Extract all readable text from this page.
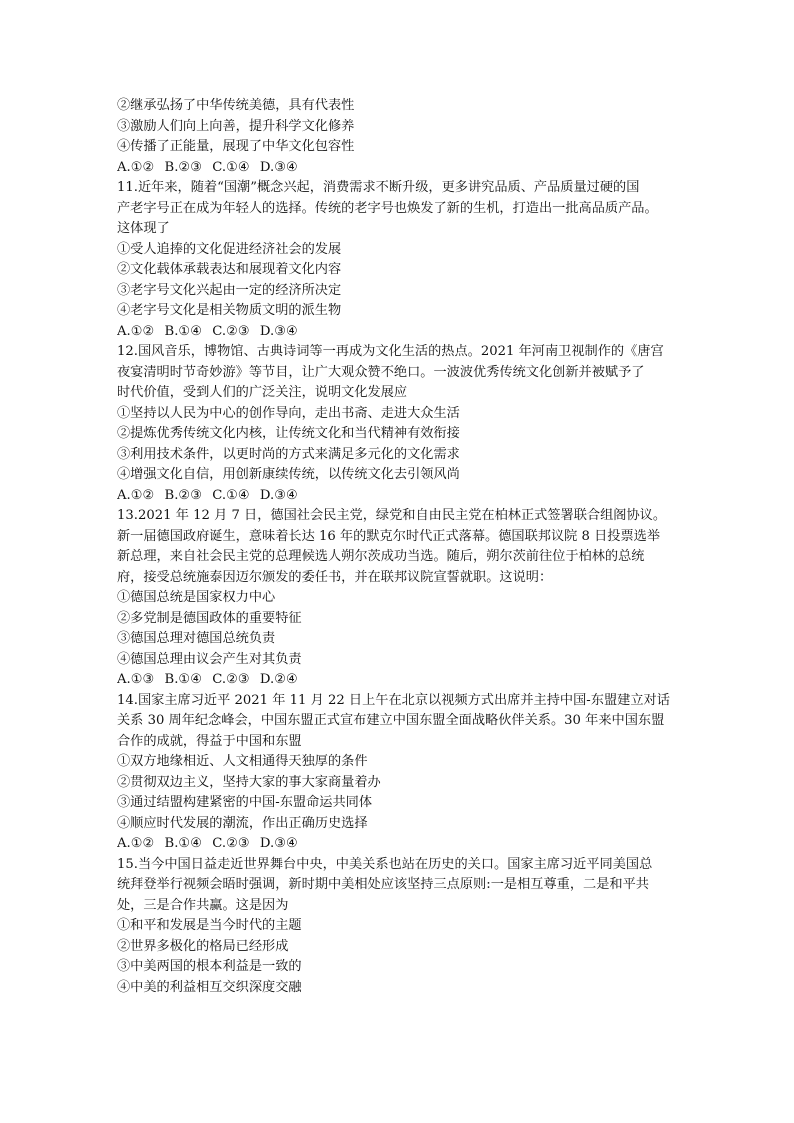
②继承弘扬了中华传统美德，具有代表性
③激励人们向上向善，提升科学文化修养
④传播了正能量，展现了中华文化包容性
A.①② B.②③ C.①④ D.③④
11.近年来，随着“国潮”概念兴起，消费需求不断升级，更多讲究品质、产品质量过硬的国
产老字号正在成为年轻人的选择。传统的老字号也焕发了新的生机，打造出一批高品质产品。
这体现了
①受人追捧的文化促进经济社会的发展
②文化载体承载表达和展现着文化内容
③老字号文化兴起由一定的经济所决定
④老字号文化是相关物质文明的派生物
A.①② B.①④ C.②③ D.③④
12.国风音乐，博物馆、古典诗词等一再成为文化生活的热点。2021 年河南卫视制作的《唐宫
夜宴清明时节奇妙游》等节目，让广大观众赞不绝口。一波波优秀传统文化创新并被赋予了
时代价值，受到人们的广泛关注，说明文化发展应
①坚持以人民为中心的创作导向，走出书斋、走进大众生活
②提炼优秀传统文化内核，让传统文化和当代精神有效衔接
③利用技术条件，以更时尚的方式来满足多元化的文化需求
④增强文化自信，用创新康续传统，以传统文化去引领风尚
A.①② B.②③ C.①④ D.③④
13.2021 年 12 月 7 日，德国社会民主党，绿党和自由民主党在柏林正式签署联合组阁协议。
新一届德国政府诞生，意味着长达 16 年的默克尔时代正式落幕。德国联邦议院 8 日投票选举
新总理，来自社会民主党的总理候选人朔尔茨成功当选。随后，朔尔茨前往位于柏林的总统
府，接受总统施泰因迈尔颁发的委任书，并在联邦议院宣誓就职。这说明：
①德国总统是国家权力中心
②多党制是德国政体的重要特征
③德国总理对德国总统负责
④德国总理由议会产生对其负责
A.①③ B.①④ C.②③ D.②④
14.国家主席习近平 2021 年 11 月 22 日上午在北京以视频方式出席并主持中国-东盟建立对话
关系 30 周年纪念峰会，中国东盟正式宣布建立中国东盟全面战略伙伴关系。30 年来中国东盟
合作的成就，得益于中国和东盟
①双方地缘相近、人文相通得天独厚的条件
②贯彻双边主义，坚持大家的事大家商量着办
③通过结盟构建紧密的中国-东盟命运共同体
④顺应时代发展的潮流，作出正确历史选择
A.①② B.①④ C.②③ D.③④
15.当今中国日益走近世界舞台中央，中美关系也站在历史的关口。国家主席习近平同美国总
统拜登举行视频会晤时强调，新时期中美相处应该坚持三点原则:一是相互尊重，二是和平共
处，三是合作共赢。这是因为
①和平和发展是当今时代的主题
②世界多极化的格局已经形成
③中美两国的根本利益是一致的
④中美的利益相互交织深度交融
